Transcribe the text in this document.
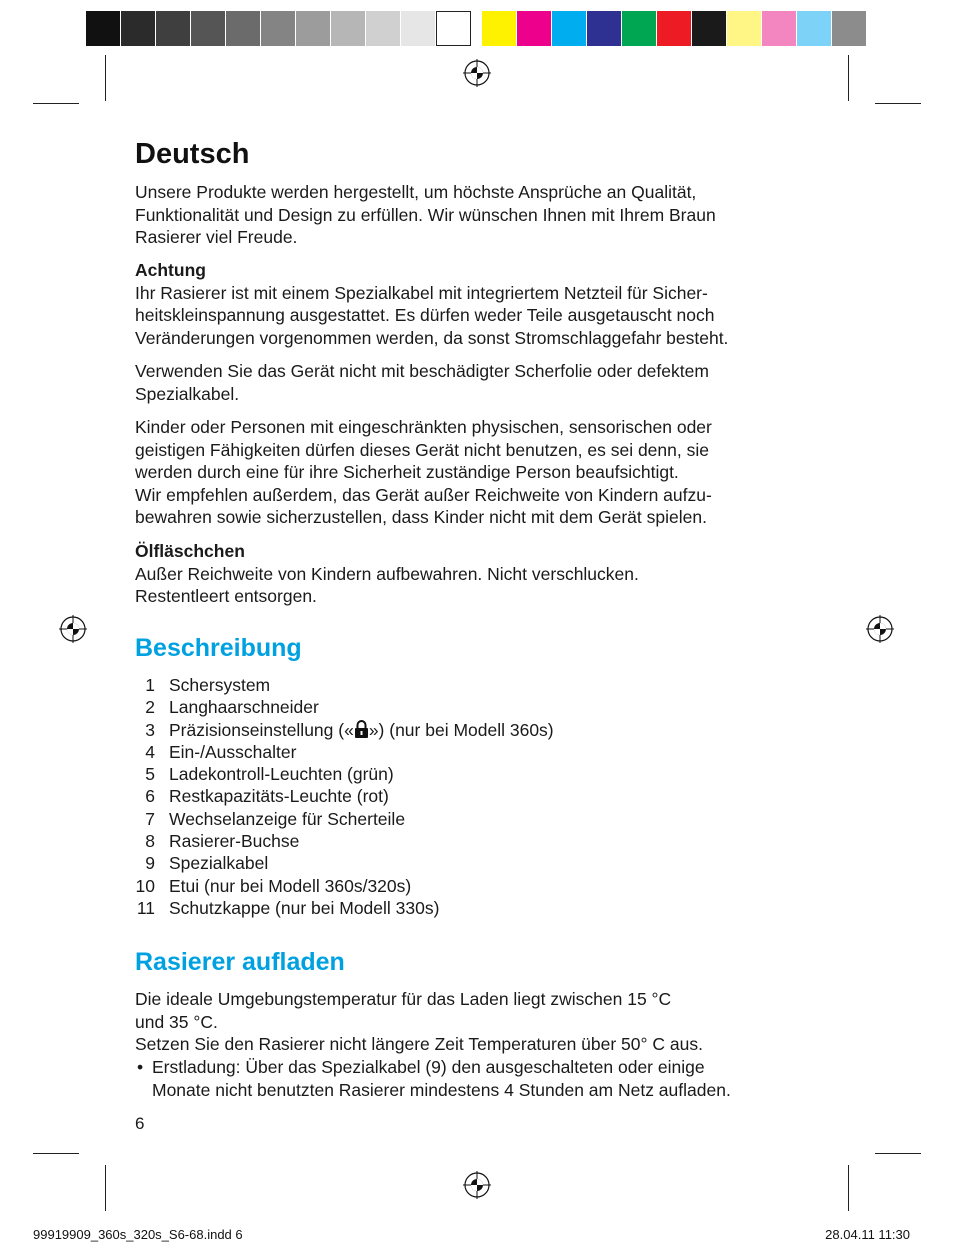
Deutsch

Unsere Produkte werden hergestellt, um höchste Ansprüche an Qualität,
Funktionalität und Design zu erfüllen. Wir wünschen Ihnen mit Ihrem Braun
Rasierer viel Freude.

Achtung
Ihr Rasierer ist mit einem Spezialkabel mit integriertem Netzteil für Sicher-
heitskleinspannung ausgestattet. Es dürfen weder Teile ausgetauscht noch
Veränderungen vorgenommen werden, da sonst Stromschlaggefahr besteht.

Verwenden Sie das Gerät nicht mit beschädigter Scherfolie oder defektem
Spezialkabel.

Kinder oder Personen mit eingeschränkten physischen, sensorischen oder
geistigen Fähigkeiten dürfen dieses Gerät nicht benutzen, es sei denn, sie
werden durch eine für ihre Sicherheit zuständige Person beaufsichtigt.
Wir empfehlen außerdem, das Gerät außer Reichweite von Kindern aufzu-
bewahren sowie sicherzustellen, dass Kinder nicht mit dem Gerät spielen.

Ölfläschchen
Außer Reichweite von Kindern aufbewahren. Nicht verschlucken.
Restentleert entsorgen.

Beschreibung
1 Schersystem
2 Langhaarschneider
3 Präzisionseinstellung (« ») (nur bei Modell 360s)
4 Ein-/Ausschalter
5 Ladekontroll-Leuchten (grün)
6 Restkapazitäts-Leuchte (rot)
7 Wechselanzeige für Scherteile
8 Rasierer-Buchse
9 Spezialkabel
10 Etui (nur bei Modell 360s/320s)
11 Schutzkappe (nur bei Modell 330s)
Rasierer aufladen

Die ideale Umgebungstemperatur für das Laden liegt zwischen 15 °C
und 35 °C.
Setzen Sie den Rasierer nicht längere Zeit Temperaturen über 50° C aus.

• Erstladung: Über das Spezialkabel (9) den ausgeschalteten oder einige
Monate nicht benutzten Rasierer mindestens 4 Stunden am Netz aufladen.
6
99919909_360s_320s_S6-68.indd 6	28.04.11 11:30
